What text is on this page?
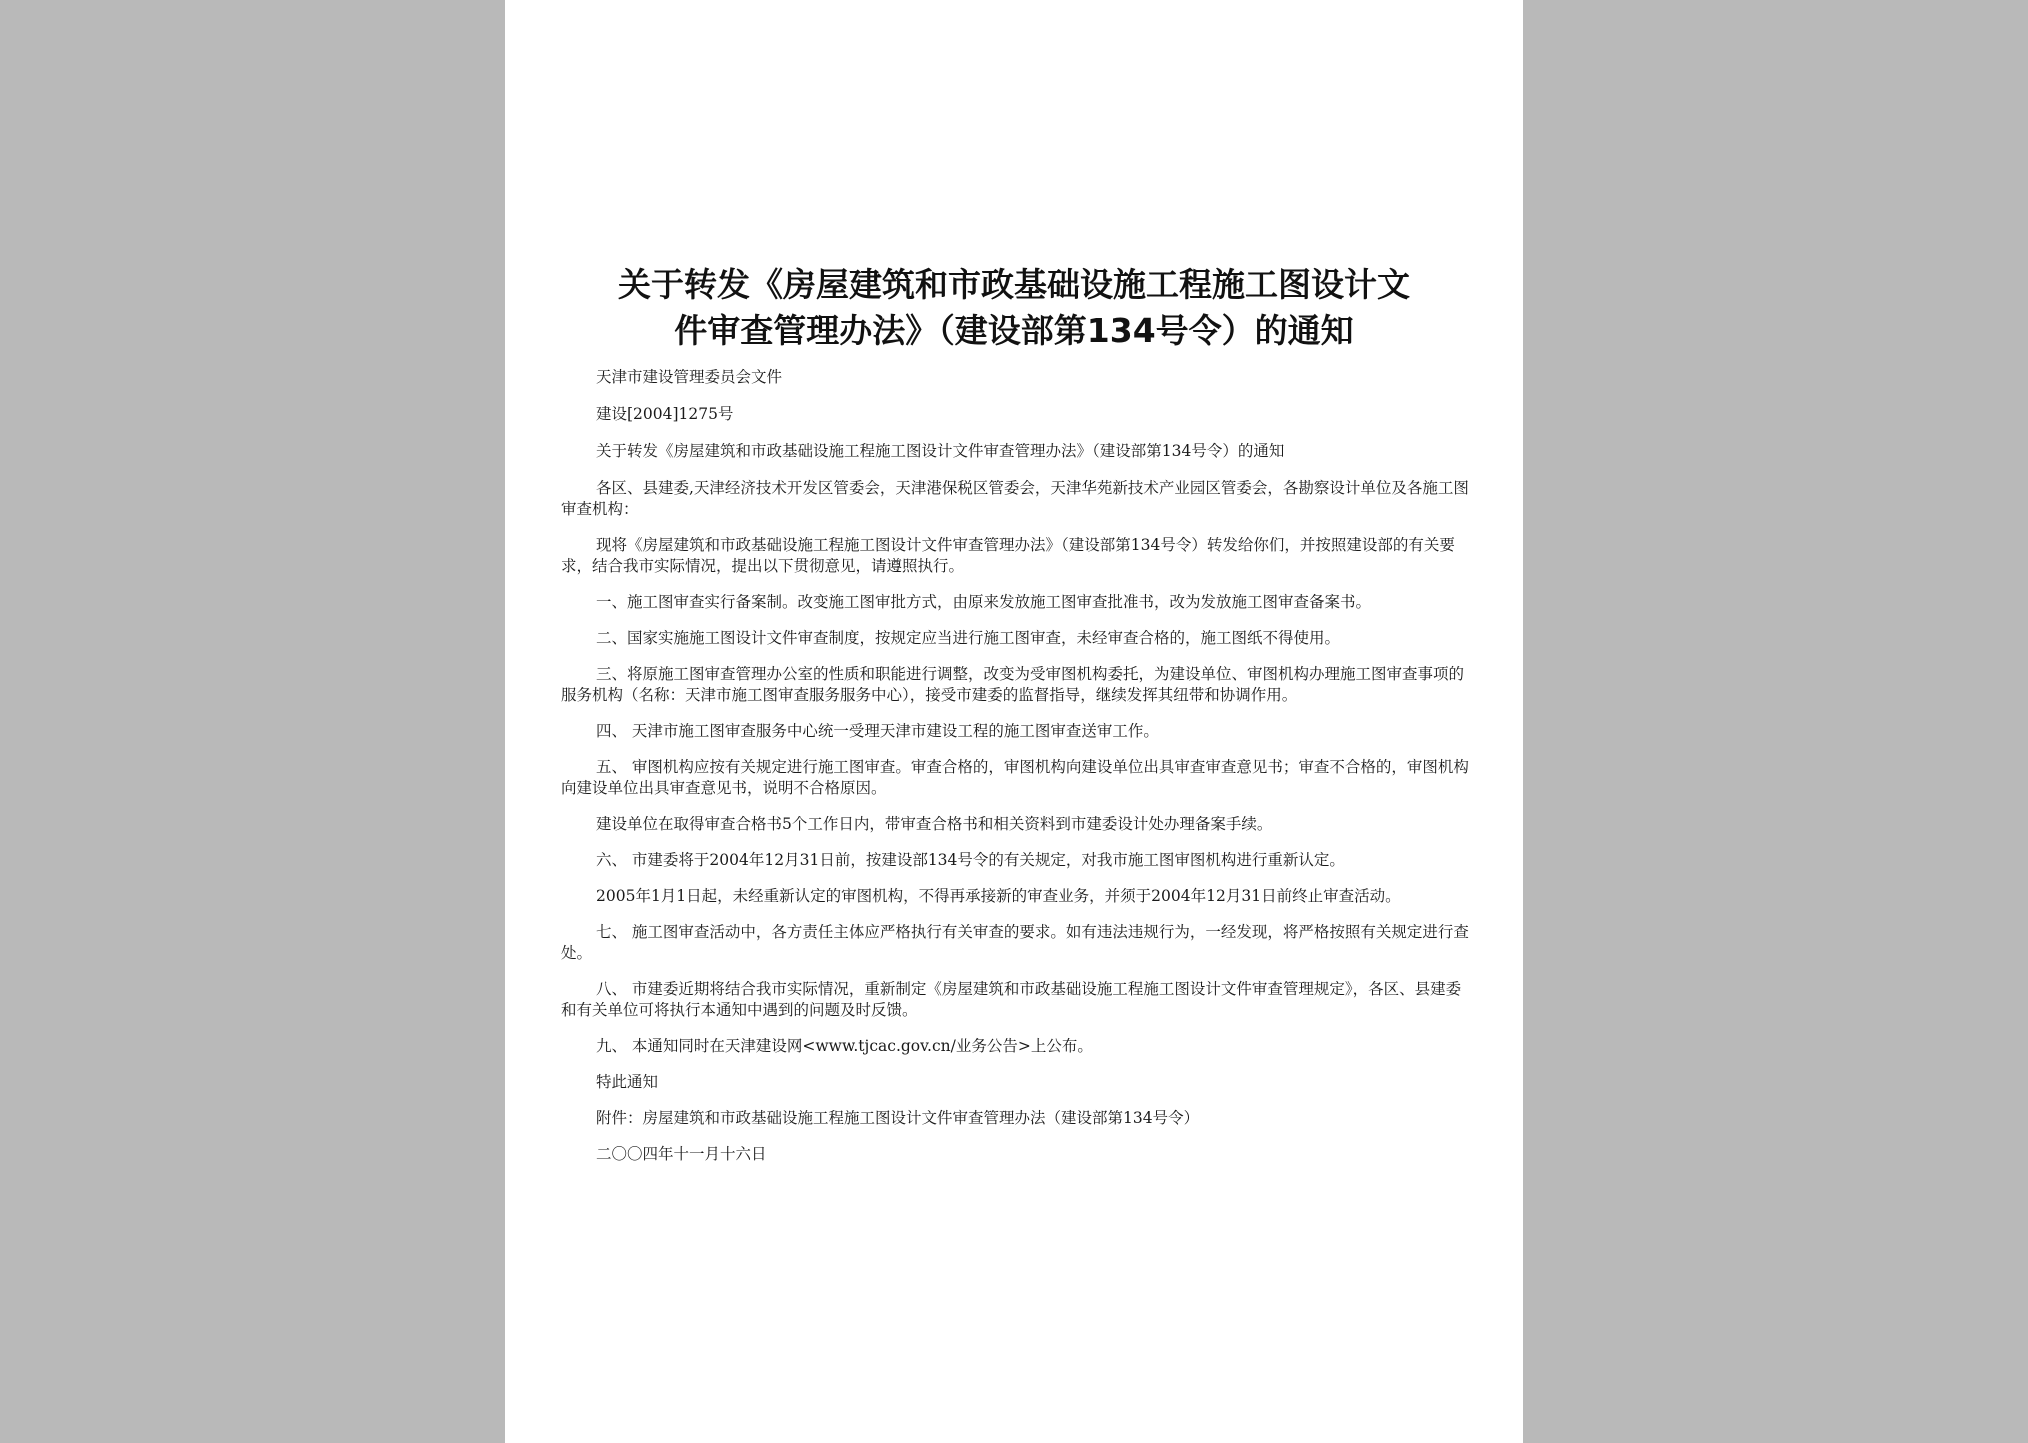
关于转发《房屋建筑和市政基础设施工程施工图设计文
件审查管理办法》（建设部第134号令）的通知

天津市建设管理委员会文件

建设[2004]1275号

关于转发《房屋建筑和市政基础设施工程施工图设计文件审查管理办法》（建设部第134号令）的通知

各区、县建委,天津经济技术开发区管委会，天津港保税区管委会，天津华苑新技术产业园区管委会，各勘察设计单位及各施工图审查机构：

现将《房屋建筑和市政基础设施工程施工图设计文件审查管理办法》（建设部第134号令）转发给你们，并按照建设部的有关要求，结合我市实际情况，提出以下贯彻意见，请遵照执行。

一、施工图审查实行备案制。改变施工图审批方式，由原来发放施工图审查批准书，改为发放施工图审查备案书。

二、国家实施施工图设计文件审查制度，按规定应当进行施工图审查，未经审查合格的，施工图纸不得使用。

三、将原施工图审查管理办公室的性质和职能进行调整，改变为受审图机构委托，为建设单位、审图机构办理施工图审查事项的服务机构（名称：天津市施工图审查服务服务中心），接受市建委的监督指导，继续发挥其纽带和协调作用。

四、 天津市施工图审查服务中心统一受理天津市建设工程的施工图审查送审工作。

五、 审图机构应按有关规定进行施工图审查。审查合格的，审图机构向建设单位出具审查审查意见书；审查不合格的，审图机构向建设单位出具审查意见书，说明不合格原因。

建设单位在取得审查合格书5个工作日内，带审查合格书和相关资料到市建委设计处办理备案手续。

六、 市建委将于2004年12月31日前，按建设部134号令的有关规定，对我市施工图审图机构进行重新认定。

2005年1月1日起，未经重新认定的审图机构，不得再承接新的审查业务，并须于2004年12月31日前终止审查活动。

七、 施工图审查活动中，各方责任主体应严格执行有关审查的要求。如有违法违规行为，一经发现，将严格按照有关规定进行查处。

八、 市建委近期将结合我市实际情况，重新制定《房屋建筑和市政基础设施工程施工图设计文件审查管理规定》，各区、县建委和有关单位可将执行本通知中遇到的问题及时反馈。

九、 本通知同时在天津建设网<www.tjcac.gov.cn/业务公告>上公布。

特此通知

附件：房屋建筑和市政基础设施工程施工图设计文件审查管理办法（建设部第134号令）

二〇〇四年十一月十六日
